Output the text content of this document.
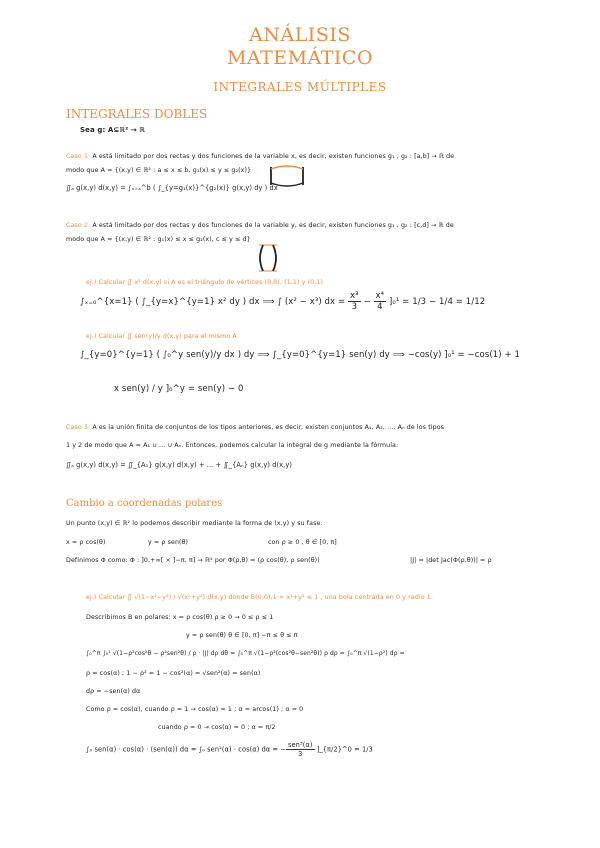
ANÁLISIS
MATEMÁTICO
INTEGRALES MÚLTIPLES
INTEGRALES DOBLES
Sea g: A⊆ℝ² → ℝ
Caso 1: A está limitado por dos rectas y dos funciones de la variable x, es decir, existen funciones g₁ , g₂ : [a,b] → ℝ de
modo que A = {(x,y) ∈ ℝ² : a ≤ x ≤ b, g₁(x) ≤ y ≤ g₂(x)}
∬ₐ g(x,y) d(x,y) = ∫ₓ₌ₐ^b ( ∫_{y=g₁(x)}^{g₂(x)} g(x,y) dy ) dx
Caso 2: A está limitado por dos rectas y dos funciones de la variable y, es decir, existen funciones g₁ , g₂ : [c,d] → ℝ de
modo que A = {(x,y) ∈ ℝ² : g₁(x) ≤ x ≤ g₂(x), c ≤ y ≤ d}
ej.) Calcular ∬ x² d(x,y) si A es el triángulo de vértices (0,0), (1,1) y (0,1)
∫ₓ₌₀^{x=1} ( ∫_{y=x}^{y=1} x² dy ) dx ⟹ ∫ (x² − x³) dx = $\frac{\text{x³}}{3} - \frac{\text{x⁴}}{4} ]_0^1 = 1/3 - 1/4 = 1/12$
ej.) Calcular ∬ sen(y)/y d(x,y) para el mismo A
∫_{y=0}^{y=1} ( ∫₀^y sen(y)/y dx ) dy ⟹ ∫_{y=0}^{y=1} sen(y) dy ⟹ −cos(y) ]₀¹ = −cos(1) + 1
x sen(y) / y ]₀^y = sen(y) − 0
Caso 3: A es la unión finita de conjuntos de los tipos anteriores, es decir, existen conjuntos A₁, A₂, ..., Aₙ de los tipos
1 y 2 de modo que A = A₁ ∪ ... ∪ Aₙ. Entonces, podemos calcular la integral de g mediante la fórmula:
∬ₐ g(x,y) d(x,y) = ∬_{A₁} g(x,y) d(x,y) + ... + ∬_{Aₙ} g(x,y) d(x,y)
Cambio a coordenadas polares
Un punto (x,y) ∈ ℝ² lo podemos describir mediante la forma de (x,y) y su fase.
x = ρ cos(θ)	y = ρ sen(θ)	con ρ ≥ 0 , θ ∈ [0, π]
Definimos Φ como: Φ : ]0,+∞[ × ]−π, π] → ℝ² por Φ(ρ,θ) = (ρ cos(θ), ρ sen(θ))	|J| = |det Jac(Φ(ρ,θ))| = ρ
ej.) Calcular ∬ √(1−x²−y²) / √(x²+y²) d(x,y) donde B(0,0),1 = x²+y² ≤ 1 , una bola centrada en 0 y radio 1.
Describimos B en polares: x = ρ cos(θ) ρ ≥ 0 → 0 ≤ ρ ≤ 1
y = ρ sen(θ) θ ∈ [0, π] −π ≤ θ ≤ π
∫₀^π ∫₀¹ √(1−ρ²cos²θ − ρ²sen²θ) / ρ · |J| dρ dθ = ∫₀^π √(1−ρ²(cos²θ−sen²θ)) ρ dρ = ∫₀^π √(1−ρ²) dρ =
ρ = cos(α) ; 1 − ρ² = 1 − cos²(α) = √sen²(α) = sen(α)
dρ = −sen(α) dα
Como ρ = cos(α), cuando ρ = 1 → cos(α) = 1 ; α = arcos(1) ; α = 0
cuando ρ = 0 → cos(α) = 0 ; α = π/2
∫₀ sen(α) · cos(α) · (sen(α)) dα = ∫₀ sen²(α) · cos(α) dα = − $\frac{\text{sen³(α)}}{3}$ ]_{π/2}^0 = 1/3
